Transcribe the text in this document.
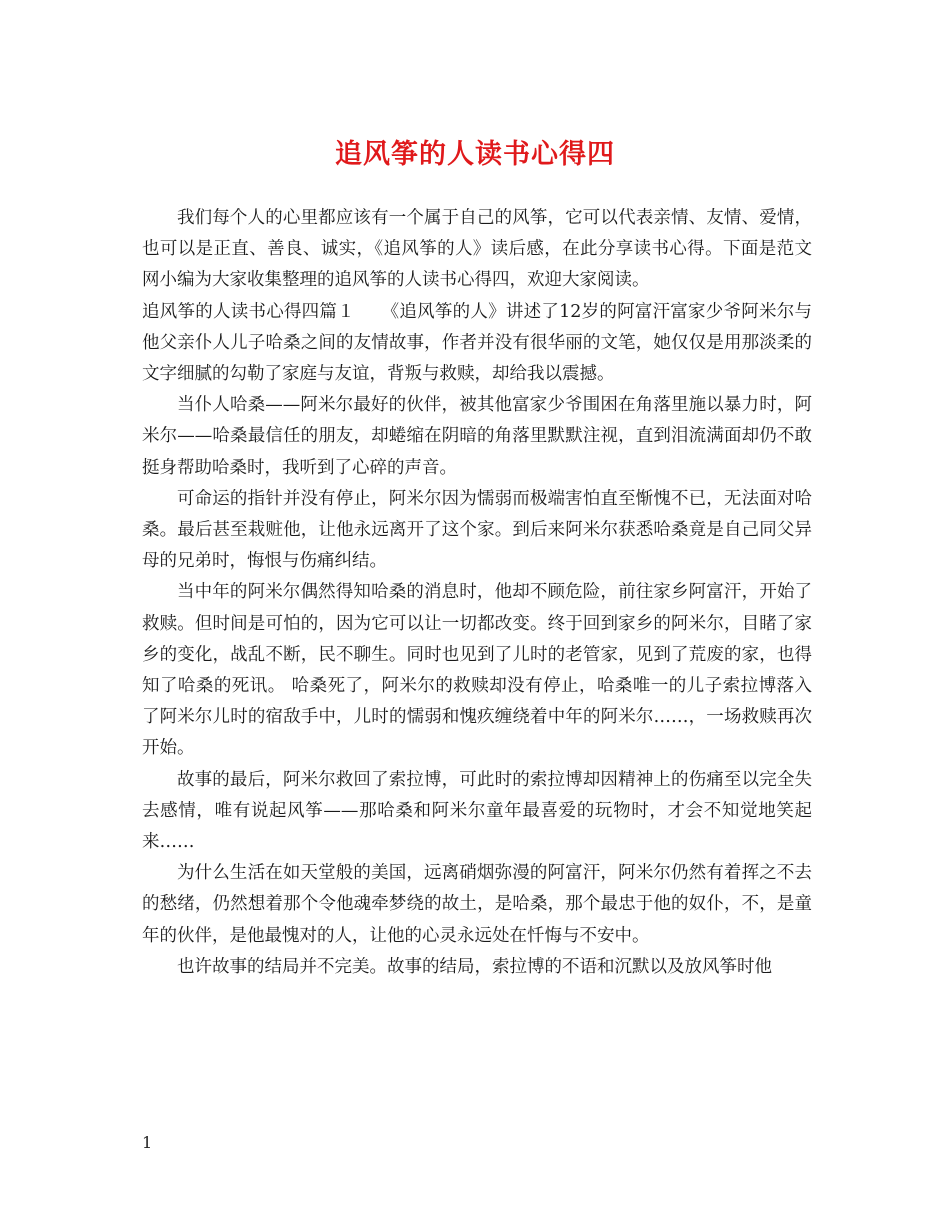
追风筝的人读书心得四

我们每个人的心里都应该有一个属于自己的风筝，它可以代表亲情、友情、爱情，也可以是正直、善良、诚实，《追风筝的人》读后感，在此分享读书心得。下面是范文网小编为大家收集整理的追风筝的人读书心得四，欢迎大家阅读。

追风筝的人读书心得四篇１　　《追风筝的人》讲述了12岁的阿富汗富家少爷阿米尔与他父亲仆人儿子哈桑之间的友情故事，作者并没有很华丽的文笔，她仅仅是用那淡柔的文字细腻的勾勒了家庭与友谊，背叛与救赎，却给我以震撼。

当仆人哈桑——阿米尔最好的伙伴，被其他富家少爷围困在角落里施以暴力时，阿米尔——哈桑最信任的朋友，却蜷缩在阴暗的角落里默默注视，直到泪流满面却仍不敢挺身帮助哈桑时，我听到了心碎的声音。

可命运的指针并没有停止，阿米尔因为懦弱而极端害怕直至惭愧不已，无法面对哈桑。最后甚至栽赃他，让他永远离开了这个家。到后来阿米尔获悉哈桑竟是自己同父异母的兄弟时，悔恨与伤痛纠结。

当中年的阿米尔偶然得知哈桑的消息时，他却不顾危险，前往家乡阿富汗，开始了救赎。但时间是可怕的，因为它可以让一切都改变。终于回到家乡的阿米尔，目睹了家乡的变化，战乱不断，民不聊生。同时也见到了儿时的老管家，见到了荒废的家，也得知了哈桑的死讯。 哈桑死了，阿米尔的救赎却没有停止，哈桑唯一的儿子索拉博落入了阿米尔儿时的宿敌手中，儿时的懦弱和愧疚缠绕着中年的阿米尔……，一场救赎再次开始。

故事的最后，阿米尔救回了索拉博，可此时的索拉博却因精神上的伤痛至以完全失去感情，唯有说起风筝——那哈桑和阿米尔童年最喜爱的玩物时，才会不知觉地笑起来……

为什么生活在如天堂般的美国，远离硝烟弥漫的阿富汗，阿米尔仍然有着挥之不去的愁绪，仍然想着那个令他魂牵梦绕的故土，是哈桑，那个最忠于他的奴仆，不，是童年的伙伴，是他最愧对的人，让他的心灵永远处在忏悔与不安中。

也许故事的结局并不完美。故事的结局，索拉博的不语和沉默以及放风筝时他

1
